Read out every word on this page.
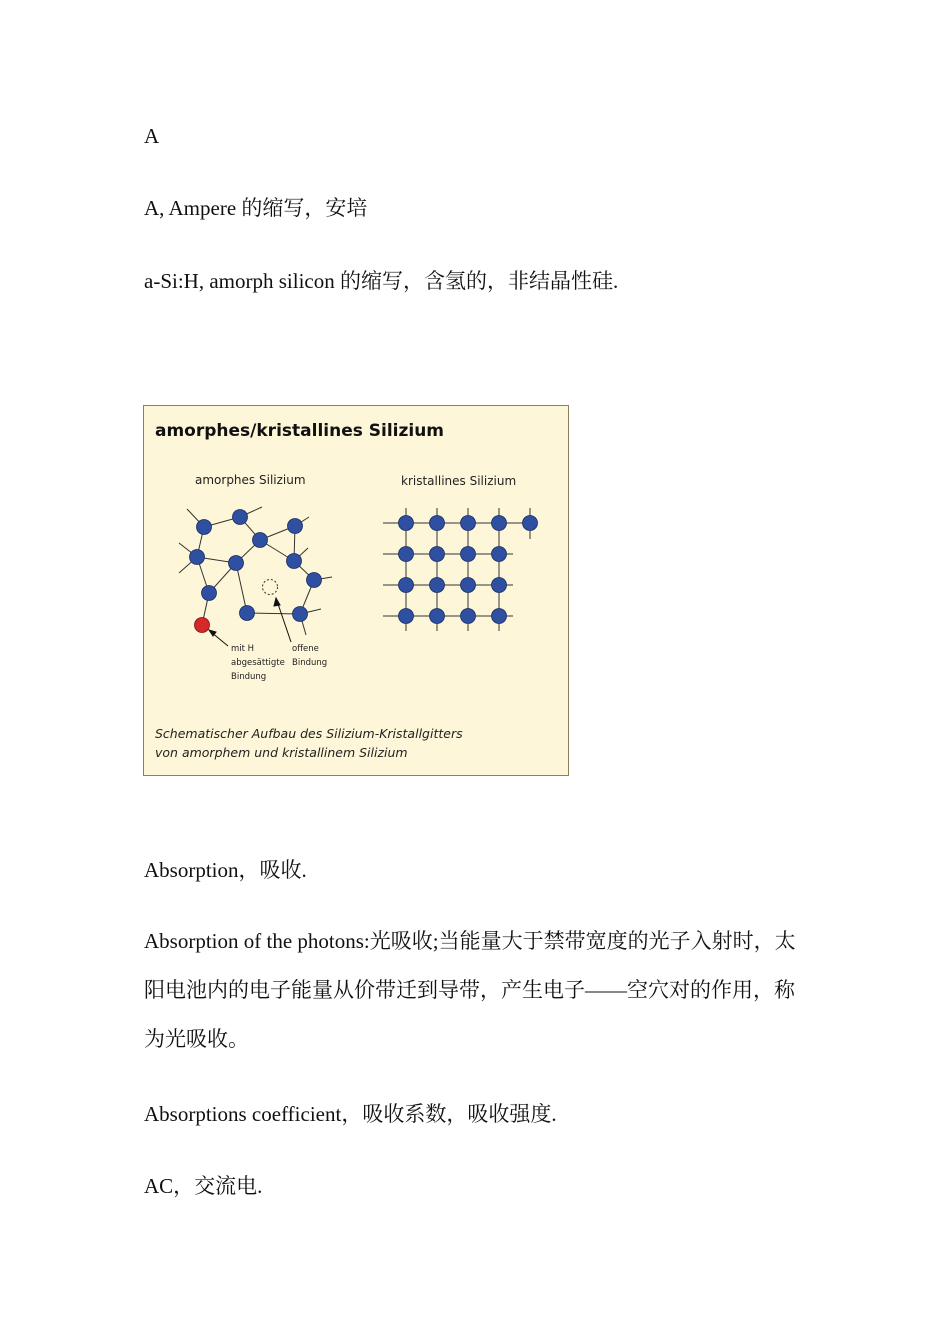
A

A, Ampere 的缩写，安培

a-Si:H, amorph silicon 的缩写，含氢的，非结晶性硅.

amorphes/kristallines Silizium
amorphes Silizium	kristallines Silizium
mit H abgesättigte Bindung
offene Bindung
Schematischer Aufbau des Silizium-Kristallgitters von amorphem und kristallinem Silizium

Absorption，吸收.

Absorption of the photons:光吸收;当能量大于禁带宽度的光子入射时，太阳电池内的电子能量从价带迁到导带，产生电子——空穴对的作用，称为光吸收。

Absorptions coefficient，吸收系数，吸收强度.

AC，交流电.
